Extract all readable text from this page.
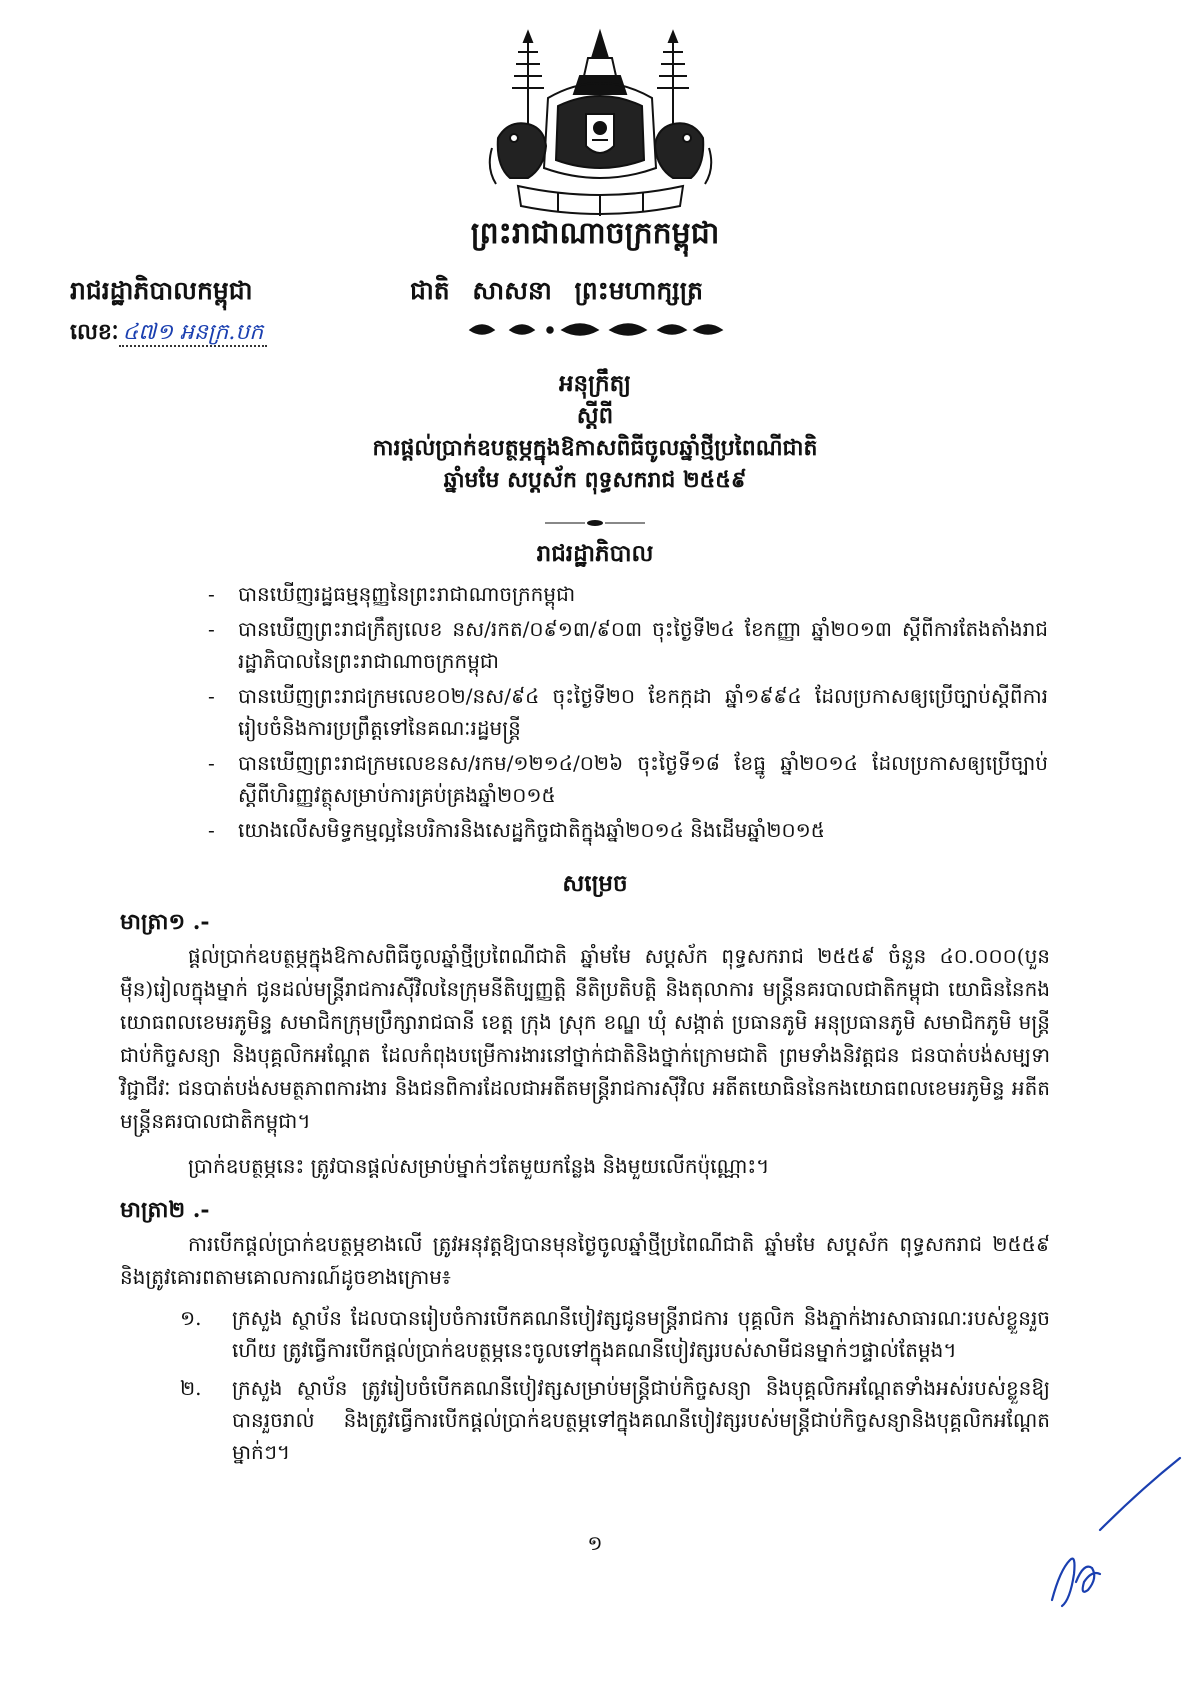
ព្រះរាជាណាចក្រកម្ពុជា
រាជរដ្ឋាភិបាលកម្ពុជា	ជាតិ សាសនា ព្រះមហាក្សត្រ
លេខៈ ៤៧១ អនក្រ.បក
អនុក្រឹត្យ
ស្តីពី
ការផ្តល់ប្រាក់ឧបត្ថម្ភក្នុងឱកាសពិធីចូលឆ្នាំថ្មីប្រពៃណីជាតិ
ឆ្នាំមមែ សប្តស័ក ពុទ្ធសករាជ ២៥៥៩
រាជរដ្ឋាភិបាល
- បានឃើញរដ្ឋធម្មនុញ្ញនៃព្រះរាជាណាចក្រកម្ពុជា
- បានឃើញព្រះរាជក្រឹត្យលេខ នស/រកត/០៩១៣/៩០៣ ចុះថ្ងៃទី២៤ ខែកញ្ញា ឆ្នាំ២០១៣ ស្តីពីការតែងតាំងរាជរដ្ឋាភិបាលនៃព្រះរាជាណាចក្រកម្ពុជា
- បានឃើញព្រះរាជក្រមលេខ០២/នស/៩៤ ចុះថ្ងៃទី២០ ខែកក្កដា ឆ្នាំ១៩៩៤ ដែលប្រកាសឲ្យប្រើច្បាប់ស្តីពីការរៀបចំនិងការប្រព្រឹត្តទៅនៃគណៈរដ្ឋមន្ត្រី
- បានឃើញព្រះរាជក្រមលេខនស/រកម/១២១៤/០២៦ ចុះថ្ងៃទី១៨ ខែធ្នូ ឆ្នាំ២០១៤ ដែលប្រកាសឲ្យប្រើច្បាប់ស្តីពីហិរញ្ញវត្ថុសម្រាប់ការគ្រប់គ្រងឆ្នាំ២០១៥
- យោងលើសមិទ្ធកម្មល្អនៃបរិការនិងសេដ្ឋកិច្ចជាតិក្នុងឆ្នាំ២០១៤ និងដើមឆ្នាំ២០១៥
សម្រេច
មាត្រា១ .-
ផ្តល់ប្រាក់ឧបត្ថម្ភក្នុងឱកាសពិធីចូលឆ្នាំថ្មីប្រពៃណីជាតិ ឆ្នាំមមែ សប្តស័ក ពុទ្ធសករាជ ២៥៥៩ ចំនួន ៤០.០០០(បួនម៉ឺន)រៀលក្នុងម្នាក់ ជូនដល់មន្ត្រីរាជការស៊ីវិលនៃក្រុមនីតិប្បញ្ញត្តិ នីតិប្រតិបត្តិ និងតុលាការ មន្ត្រីនគរបាលជាតិកម្ពុជា យោធិននៃកងយោធពលខេមរភូមិន្ទ សមាជិកក្រុមប្រឹក្សារាជធានី ខេត្ត ក្រុង ស្រុក ខណ្ឌ ឃុំ សង្កាត់ ប្រធានភូមិ អនុប្រធានភូមិ សមាជិកភូមិ មន្ត្រីជាប់កិច្ចសន្យា និងបុគ្គលិកអណ្តែត ដែលកំពុងបម្រើការងារនៅថ្នាក់ជាតិនិងថ្នាក់ក្រោមជាតិ ព្រមទាំងនិវត្តជន ជនបាត់បង់សម្បទាវិជ្ជាជីវៈ ជនបាត់បង់សមត្ថភាពការងារ និងជនពិការដែលជាអតីតមន្ត្រីរាជការស៊ីវិល អតីតយោធិននៃកងយោធពលខេមរភូមិន្ទ អតីតមន្ត្រីនគរបាលជាតិកម្ពុជា។
ប្រាក់ឧបត្ថម្ភនេះ ត្រូវបានផ្តល់សម្រាប់ម្នាក់ៗតែមួយកន្លែង និងមួយលើកប៉ុណ្ណោះ។
មាត្រា២ .-
ការបើកផ្តល់ប្រាក់ឧបត្ថម្ភខាងលើ ត្រូវអនុវត្តឱ្យបានមុនថ្ងៃចូលឆ្នាំថ្មីប្រពៃណីជាតិ ឆ្នាំមមែ សប្តស័ក ពុទ្ធសករាជ ២៥៥៩ និងត្រូវគោរពតាមគោលការណ៍ដូចខាងក្រោម៖
១. ក្រសួង ស្ថាប័ន ដែលបានរៀបចំការបើកគណនីបៀវត្សជូនមន្ត្រីរាជការ បុគ្គលិក និងភ្នាក់ងារសាធារណៈរបស់ខ្លួនរួចហើយ ត្រូវធ្វើការបើកផ្តល់ប្រាក់ឧបត្ថម្ភនេះចូលទៅក្នុងគណនីបៀវត្សរបស់សាមីជនម្នាក់ៗផ្ទាល់តែម្តង។
២. ក្រសួង ស្ថាប័ន ត្រូវរៀបចំបើកគណនីបៀវត្សសម្រាប់មន្ត្រីជាប់កិច្ចសន្យា និងបុគ្គលិកអណ្តែតទាំងអស់របស់ខ្លួនឱ្យបានរួចរាល់ និងត្រូវធ្វើការបើកផ្តល់ប្រាក់ឧបត្ថម្ភទៅក្នុងគណនីបៀវត្សរបស់មន្ត្រីជាប់កិច្ចសន្យានិងបុគ្គលិកអណ្តែតម្នាក់ៗ។
១
